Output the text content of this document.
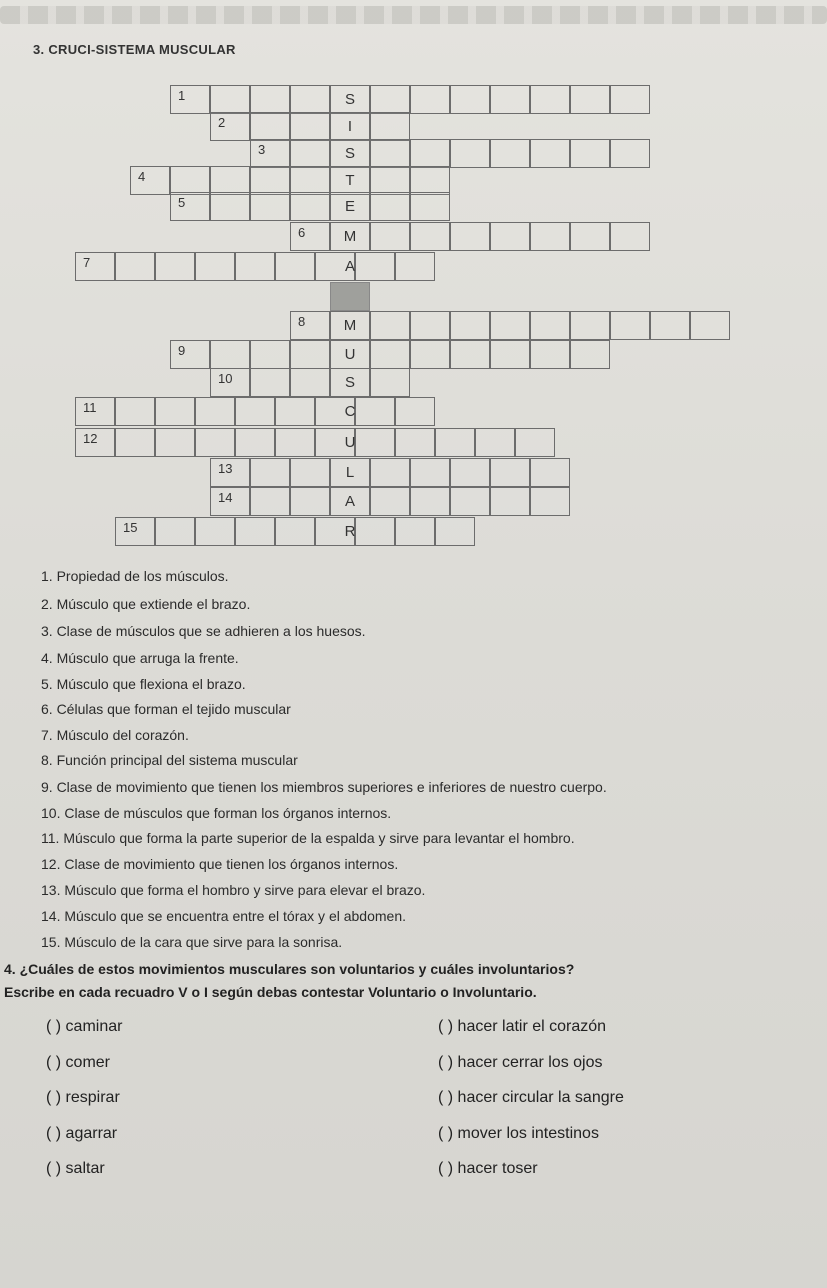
3. CRUCI-SISTEMA MUSCULAR
1	S
2	I
3	S
4	T
5	E
6	M
7	A
8	M
9	U
10	S
11	C
12	U
13	L
14	A
15	R
1. Propiedad de los músculos.
2. Músculo que extiende el brazo.
3. Clase de músculos que se adhieren a los huesos.
4. Músculo que arruga la frente.
5. Músculo que flexiona el brazo.
6. Células que forman el tejido muscular
7. Músculo del corazón.
8. Función principal del sistema muscular
9. Clase de movimiento que tienen los miembros superiores e inferiores de nuestro cuerpo.
10. Clase de músculos que forman los órganos internos.
11. Músculo que forma la parte superior de la espalda y sirve para levantar el hombro.
12. Clase de movimiento que tienen los órganos internos.
13. Músculo que forma el hombro y sirve para elevar el brazo.
14. Músculo que se encuentra entre el tórax y el abdomen.
15. Músculo de la cara que sirve para la sonrisa.
4. ¿Cuáles de estos movimientos musculares son voluntarios y cuáles involuntarios?
Escribe en cada recuadro V o I según debas contestar Voluntario o Involuntario.
( ) caminar
( ) comer
( ) respirar
( ) agarrar
( ) saltar
( ) hacer latir el corazón
( ) hacer cerrar los ojos
( ) hacer circular la sangre
( ) mover los intestinos
( ) hacer toser
